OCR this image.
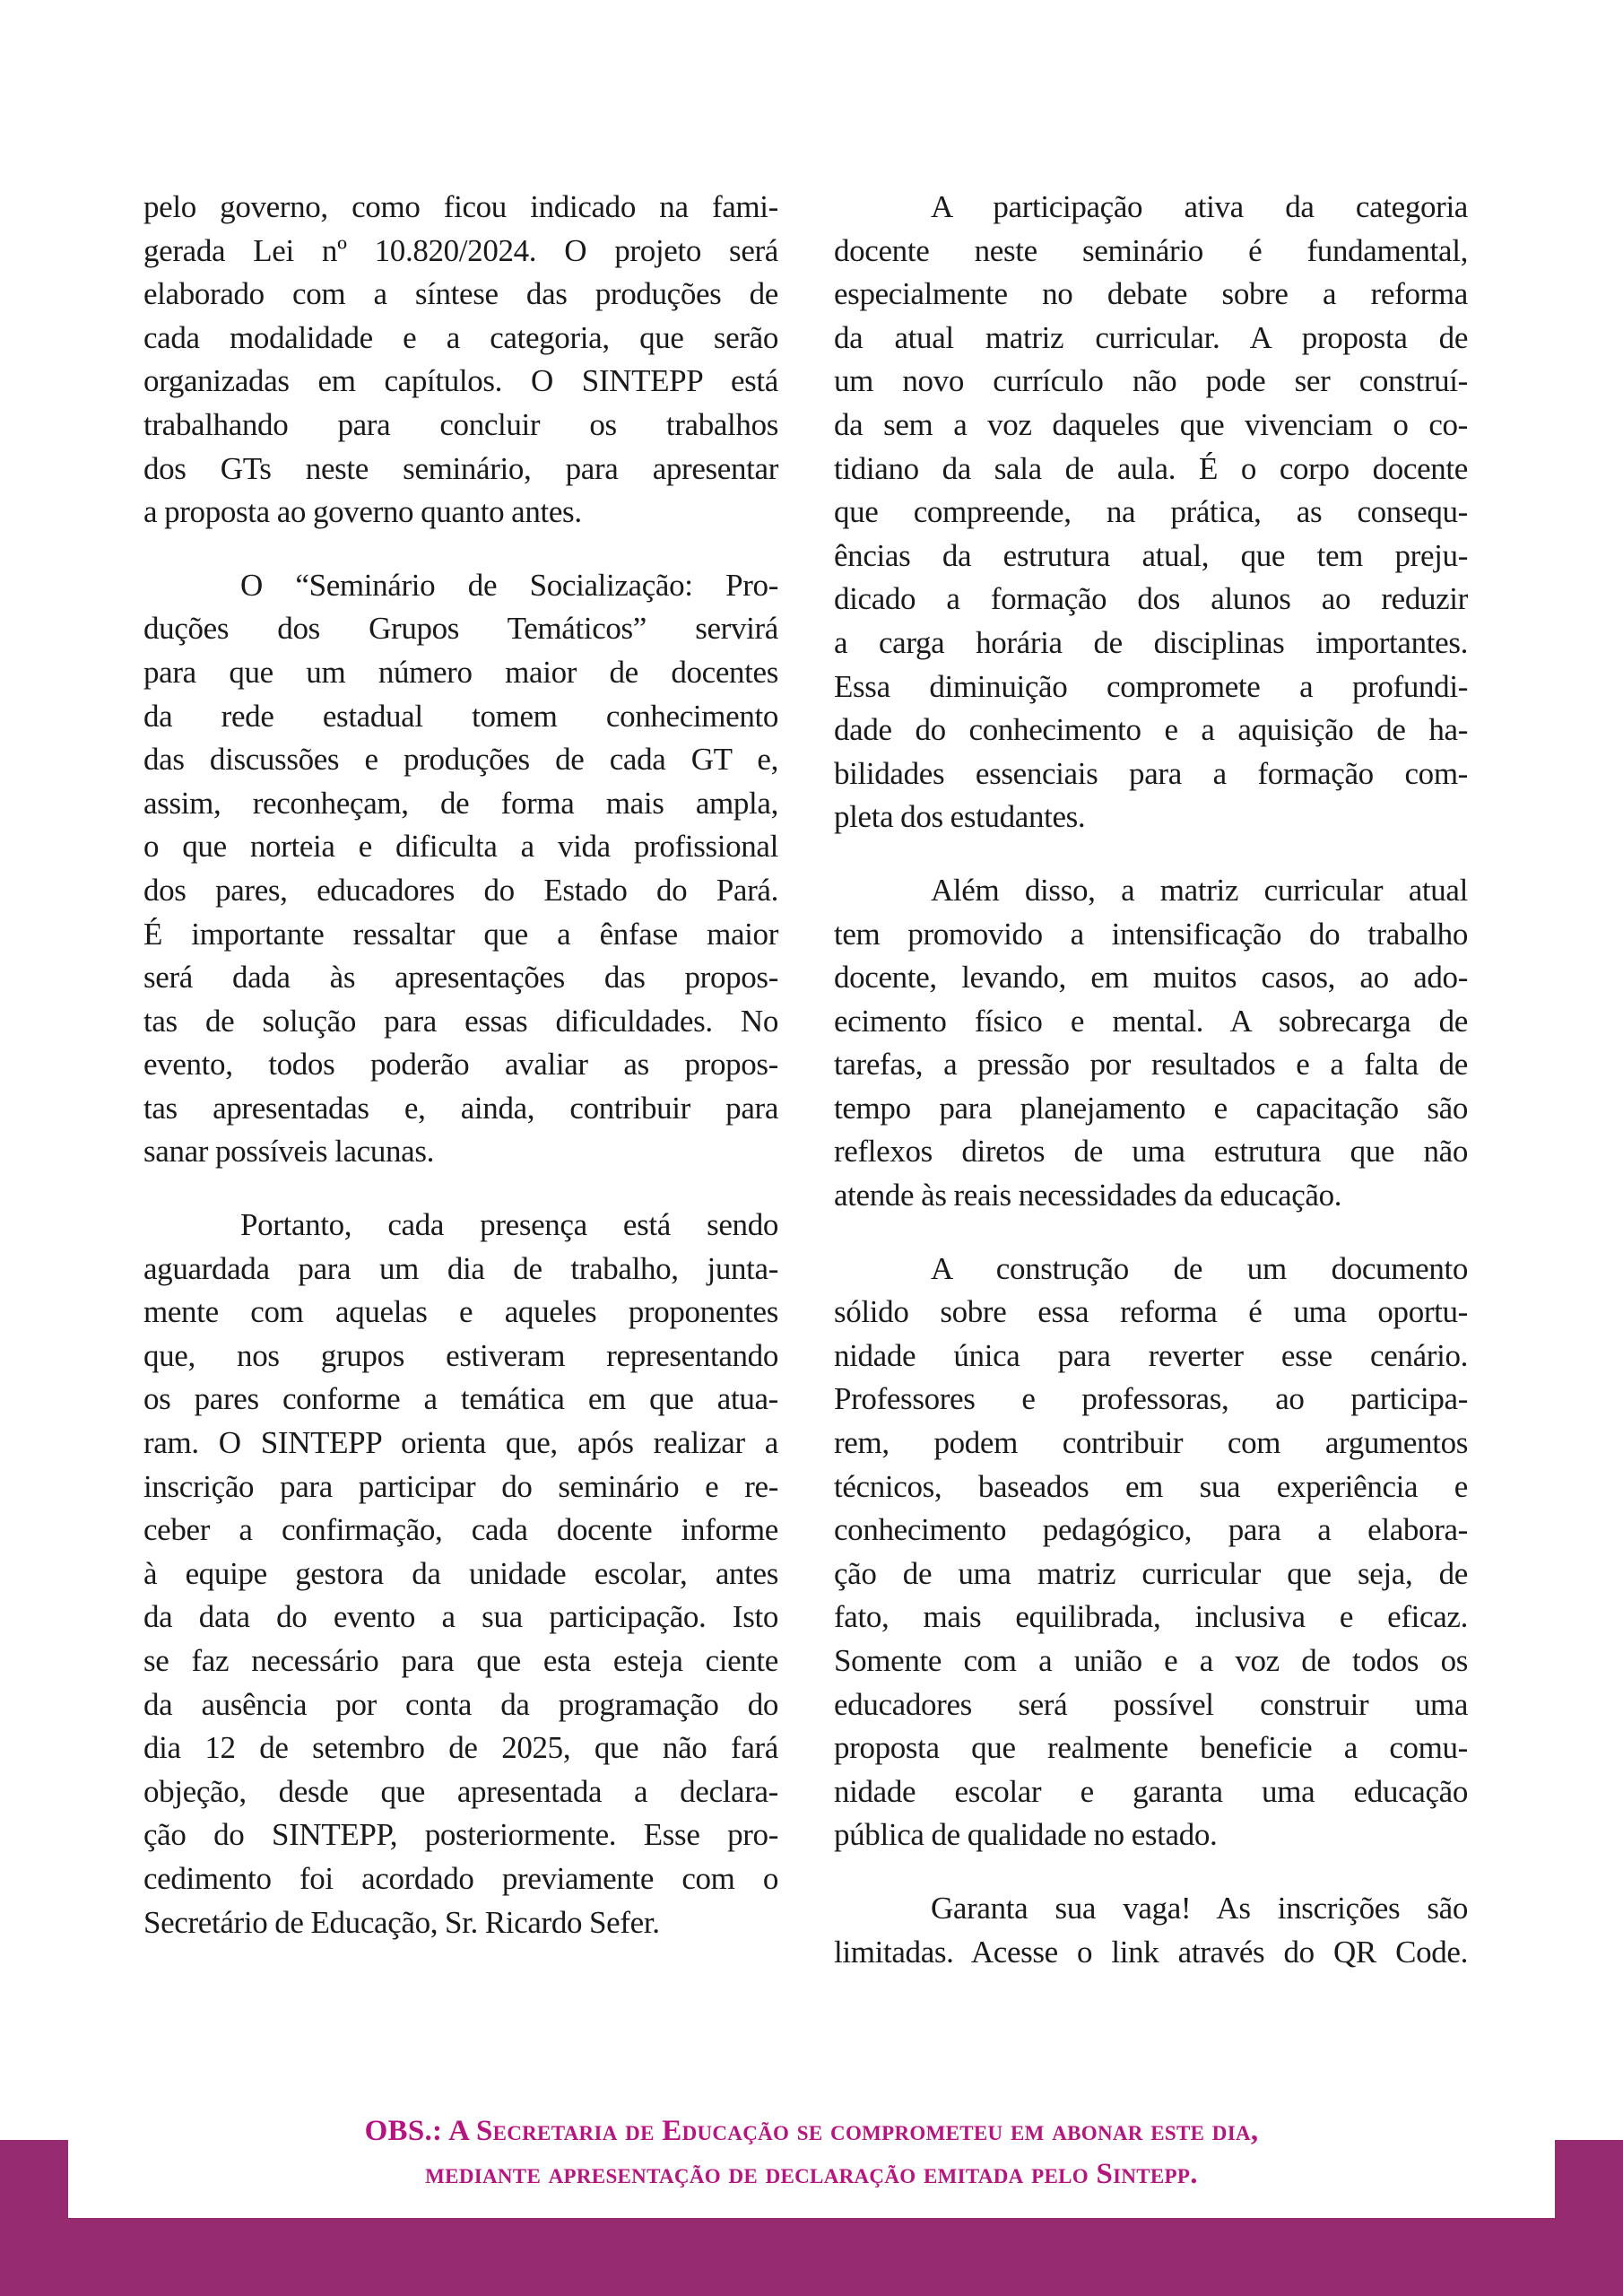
pelo governo, como ficou indicado na fami-
gerada Lei nº 10.820/2024. O projeto será
elaborado com a síntese das produções de
cada modalidade e a categoria, que serão
organizadas em capítulos. O SINTEPP está
trabalhando para concluir os trabalhos
dos GTs neste seminário, para apresentar
a proposta ao governo quanto antes.
O “Seminário de Socialização: Pro-
duções dos Grupos Temáticos” servirá
para que um número maior de docentes
da rede estadual tomem conhecimento
das discussões e produções de cada GT e,
assim, reconheçam, de forma mais ampla,
o que norteia e dificulta a vida profissional
dos pares, educadores do Estado do Pará.
É importante ressaltar que a ênfase maior
será dada às apresentações das propos-
tas de solução para essas dificuldades. No
evento, todos poderão avaliar as propos-
tas apresentadas e, ainda, contribuir para
sanar possíveis lacunas.
Portanto, cada presença está sendo
aguardada para um dia de trabalho, junta-
mente com aquelas e aqueles proponentes
que, nos grupos estiveram representando
os pares conforme a temática em que atua-
ram. O SINTEPP orienta que, após realizar a
inscrição para participar do seminário e re-
ceber a confirmação, cada docente informe
à equipe gestora da unidade escolar, antes
da data do evento a sua participação. Isto
se faz necessário para que esta esteja ciente
da ausência por conta da programação do
dia 12 de setembro de 2025, que não fará
objeção, desde que apresentada a declara-
ção do SINTEPP, posteriormente. Esse pro-
cedimento foi acordado previamente com o
Secretário de Educação, Sr. Ricardo Sefer.
A participação ativa da categoria
docente neste seminário é fundamental,
especialmente no debate sobre a reforma
da atual matriz curricular. A proposta de
um novo currículo não pode ser construí-
da sem a voz daqueles que vivenciam o co-
tidiano da sala de aula. É o corpo docente
que compreende, na prática, as consequ-
ências da estrutura atual, que tem preju-
dicado a formação dos alunos ao reduzir
a carga horária de disciplinas importantes.
Essa diminuição compromete a profundi-
dade do conhecimento e a aquisição de ha-
bilidades essenciais para a formação com-
pleta dos estudantes.
Além disso, a matriz curricular atual
tem promovido a intensificação do trabalho
docente, levando, em muitos casos, ao ado-
ecimento físico e mental. A sobrecarga de
tarefas, a pressão por resultados e a falta de
tempo para planejamento e capacitação são
reflexos diretos de uma estrutura que não
atende às reais necessidades da educação.
A construção de um documento
sólido sobre essa reforma é uma oportu-
nidade única para reverter esse cenário.
Professores e professoras, ao participa-
rem, podem contribuir com argumentos
técnicos, baseados em sua experiência e
conhecimento pedagógico, para a elabora-
ção de uma matriz curricular que seja, de
fato, mais equilibrada, inclusiva e eficaz.
Somente com a união e a voz de todos os
educadores será possível construir uma
proposta que realmente beneficie a comu-
nidade escolar e garanta uma educação
pública de qualidade no estado.
Garanta sua vaga! As inscrições são
limitadas. Acesse o link através do QR Code.
OBS.: A Secretaria de Educação se comprometeu em abonar este dia,
mediante apresentação de declaração emitada pelo Sintepp.
